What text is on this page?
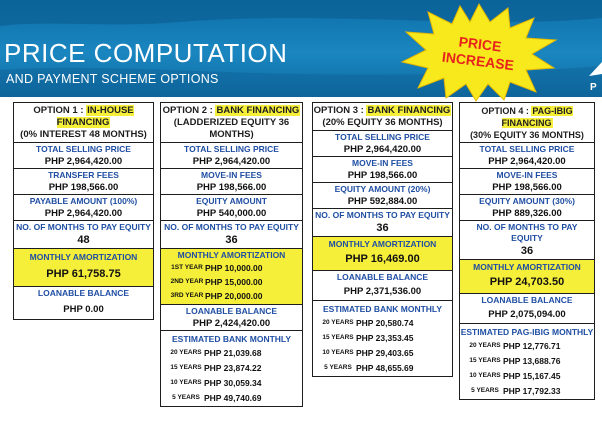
PRICE COMPUTATION
AND PAYMENT SCHEME OPTIONS
PRICE
INCREASE
P
OPTION 1 : IN-HOUSE FINANCING
(0% INTEREST 48 MONTHS)
TOTAL SELLING PRICE
PHP 2,964,420.00
TRANSFER FEES
PHP 198,566.00
PAYABLE AMOUNT (100%)
PHP 2,964,420.00
NO. OF MONTHS TO PAY EQUITY
48
MONTHLY AMORTIZATION
PHP 61,758.75
LOANABLE BALANCE
PHP 0.00
OPTION 2 : BANK FINANCING
(LADDERIZED EQUITY 36 MONTHS)
TOTAL SELLING PRICE
PHP 2,964,420.00
MOVE-IN FEES
PHP 198,566.00
EQUITY AMOUNT
PHP 540,000.00
NO. OF MONTHS TO PAY EQUITY
36
MONTHLY AMORTIZATION
1ST YEAR PHP 10,000.00
2ND YEAR PHP 15,000.00
3RD YEAR PHP 20,000.00
LOANABLE BALANCE
PHP 2,424,420.00
ESTIMATED BANK MONTHLY
20 YEARS PHP 21,039.68
15 YEARS PHP 23,874.22
10 YEARS PHP 30,059.34
5 YEARS PHP 49,740.69
OPTION 3 : BANK FINANCING
(20% EQUITY 36 MONTHS)
TOTAL SELLING PRICE
PHP 2,964,420.00
MOVE-IN FEES
PHP 198,566.00
EQUITY AMOUNT (20%)
PHP 592,884.00
NO. OF MONTHS TO PAY EQUITY
36
MONTHLY AMORTIZATION
PHP 16,469.00
LOANABLE BALANCE
PHP 2,371,536.00
ESTIMATED BANK MONTHLY
20 YEARS PHP 20,580.74
15 YEARS PHP 23,353.45
10 YEARS PHP 29,403.65
5 YEARS PHP 48,655.69
OPTION 4 : PAG-IBIG FINANCING
(30% EQUITY 36 MONTHS)
TOTAL SELLING PRICE
PHP 2,964,420.00
MOVE-IN FEES
PHP 198,566.00
EQUITY AMOUNT (30%)
PHP 889,326.00
NO. OF MONTHS TO PAY EQUITY
36
MONTHLY AMORTIZATION
PHP 24,703.50
LOANABLE BALANCE
PHP 2,075,094.00
ESTIMATED PAG-IBIG MONTHLY
20 YEARS PHP 12,776.71
15 YEARS PHP 13,688.76
10 YEARS PHP 15,167.45
5 YEARS PHP 17,792.33
